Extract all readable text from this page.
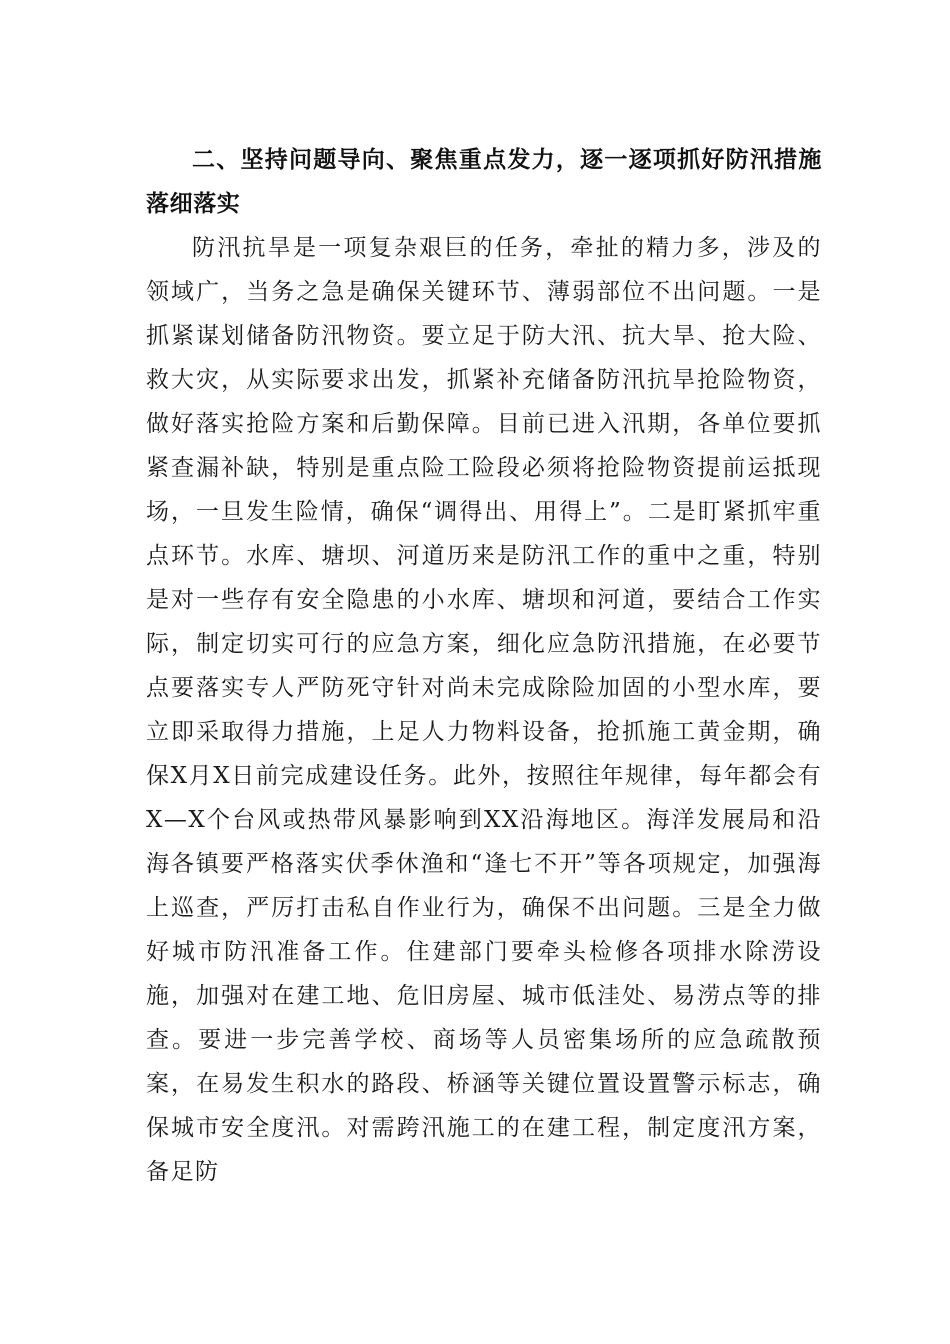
二、坚持问题导向、聚焦重点发力，逐一逐项抓好防汛措施落细落实

防汛抗旱是一项复杂艰巨的任务，牵扯的精力多，涉及的领域广，当务之急是确保关键环节、薄弱部位不出问题。一是抓紧谋划储备防汛物资。要立足于防大汛、抗大旱、抢大险、救大灾，从实际要求出发，抓紧补充储备防汛抗旱抢险物资，做好落实抢险方案和后勤保障。目前已进入汛期，各单位要抓紧查漏补缺，特别是重点险工险段必须将抢险物资提前运抵现场，一旦发生险情，确保“调得出、用得上”。二是盯紧抓牢重点环节。水库、塘坝、河道历来是防汛工作的重中之重，特别是对一些存有安全隐患的小水库、塘坝和河道，要结合工作实际，制定切实可行的应急方案，细化应急防汛措施，在必要节点要落实专人严防死守针对尚未完成除险加固的小型水库，要立即采取得力措施，上足人力物料设备，抢抓施工黄金期，确保X月X日前完成建设任务。此外，按照往年规律，每年都会有X—X个台风或热带风暴影响到XX沿海地区。海洋发展局和沿海各镇要严格落实伏季休渔和“逢七不开”等各项规定，加强海上巡查，严厉打击私自作业行为，确保不出问题。三是全力做好城市防汛准备工作。住建部门要牵头检修各项排水除涝设施，加强对在建工地、危旧房屋、城市低洼处、易涝点等的排查。要进一步完善学校、商场等人员密集场所的应急疏散预案，在易发生积水的路段、桥涵等关键位置设置警示标志，确保城市安全度汛。对需跨汛施工的在建工程，制定度汛方案，备足防
